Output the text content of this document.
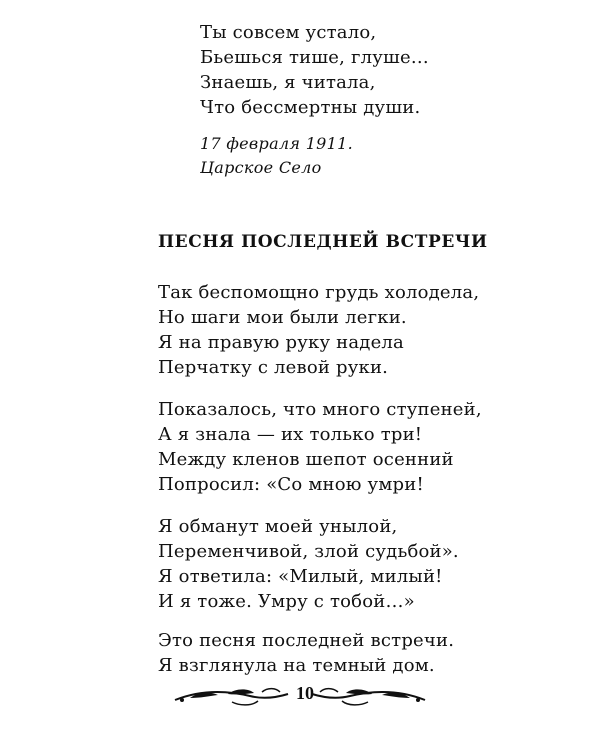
Ты совсем устало,
Бьешься тише, глуше…
Знаешь, я читала,
Что бессмертны души.
17 февраля 1911.
Царское Село
ПЕСНЯ ПОСЛЕДНЕЙ ВСТРЕЧИ
Так беспомощно грудь холодела,
Но шаги мои были легки.
Я на правую руку надела
Перчатку с левой руки.
Показалось, что много ступеней,
А я знала — их только три!
Между кленов шепот осенний
Попросил: «Со мною умри!
Я обманут моей унылой,
Переменчивой, злой судьбой».
Я ответила: «Милый, милый!
И я тоже. Умру с тобой…»
Это песня последней встречи.
Я взглянула на темный дом.
10
